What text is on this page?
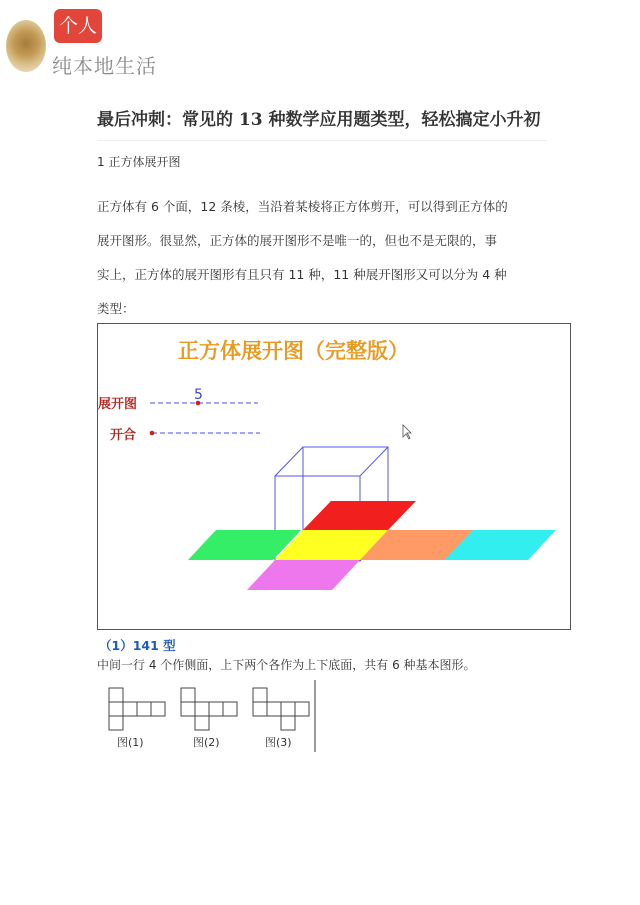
个人
纯本地生活
最后冲刺：常见的 13 种数学应用题类型，轻松搞定小升初
1 正方体展开图

正方体有 6 个面，12 条棱，当沿着某棱将正方体剪开，可以得到正方体的

展开图形。很显然，正方体的展开图形不是唯一的，但也不是无限的，事

实上，正方体的展开图形有且只有 11 种，11 种展开图形又可以分为 4 种

类型：

正方体展开图（完整版）
展开图
5
开合
（1）141 型
中间一行 4 个作侧面，上下两个各作为上下底面，共有 6 种基本图形。
图(1)	图(2)	图(3)
